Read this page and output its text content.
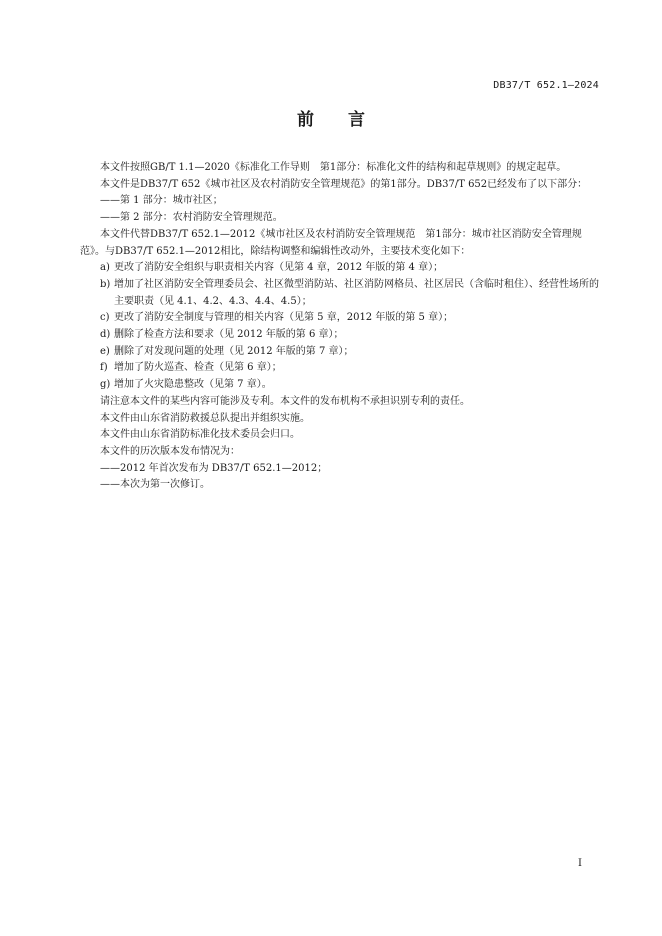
DB37/T 652.1—2024
前言

本文件按照GB/T 1.1—2020《标准化工作导则　第1部分：标准化文件的结构和起草规则》的规定起草。

本文件是DB37/T 652《城市社区及农村消防安全管理规范》的第1部分。DB37/T 652已经发布了以下部分：

——第 1 部分：城市社区；

——第 2 部分：农村消防安全管理规范。

本文件代替DB37/T 652.1—2012《城市社区及农村消防安全管理规范　第1部分：城市社区消防安全管理规范》。与DB37/T 652.1—2012相比，除结构调整和编辑性改动外，主要技术变化如下：

a) 更改了消防安全组织与职责相关内容（见第 4 章，2012 年版的第 4 章）；

b) 增加了社区消防安全管理委员会、社区微型消防站、社区消防网格员、社区居民（含临时租住）、经营性场所的主要职责（见 4.1、4.2、4.3、4.4、4.5）；

c) 更改了消防安全制度与管理的相关内容（见第 5 章，2012 年版的第 5 章）；

d) 删除了检查方法和要求（见 2012 年版的第 6 章）；

e) 删除了对发现问题的处理（见 2012 年版的第 7 章）；

f) 增加了防火巡查、检查（见第 6 章）；

g) 增加了火灾隐患整改（见第 7 章）。

请注意本文件的某些内容可能涉及专利。本文件的发布机构不承担识别专利的责任。

本文件由山东省消防救援总队提出并组织实施。

本文件由山东省消防标准化技术委员会归口。

本文件的历次版本发布情况为：

——2012 年首次发布为 DB37/T 652.1—2012；

——本次为第一次修订。

I
